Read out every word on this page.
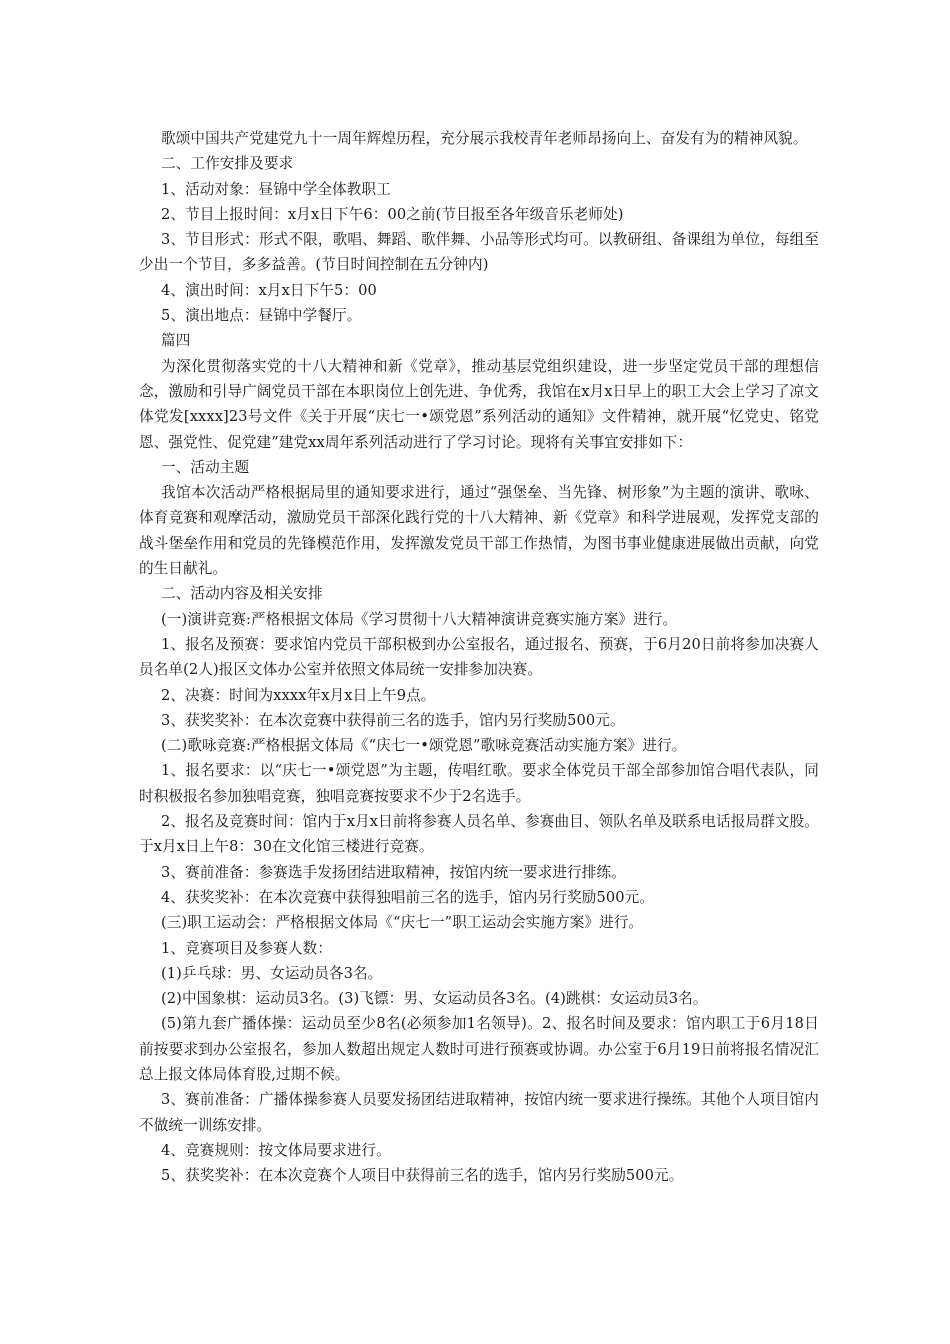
歌颂中国共产党建党九十一周年辉煌历程，充分展示我校青年老师昂扬向上、奋发有为的精神风貌。

二、工作安排及要求

1、活动对象：昼锦中学全体教职工

2、节目上报时间：x月x日下午6：00之前(节目报至各年级音乐老师处)

3、节目形式：形式不限，歌唱、舞蹈、歌伴舞、小品等形式均可。以教研组、备课组为单位，每组至少出一个节目，多多益善。(节目时间控制在五分钟内)

4、演出时间：x月x日下午5：00

5、演出地点：昼锦中学餐厅。

篇四

为深化贯彻落实党的十八大精神和新《党章》，推动基层党组织建设，进一步坚定党员干部的理想信念，激励和引导广阔党员干部在本职岗位上创先进、争优秀，我馆在x月x日早上的职工大会上学习了凉文体党发[xxxx]23号文件《关于开展“庆七一•颂党恩”系列活动的通知》文件精神，就开展“忆党史、铭党恩、强党性、促党建”建党xx周年系列活动进行了学习讨论。现将有关事宜安排如下：

一、活动主题

我馆本次活动严格根据局里的通知要求进行，通过“强堡垒、当先锋、树形象”为主题的演讲、歌咏、体育竞赛和观摩活动，激励党员干部深化践行党的十八大精神、新《党章》和科学进展观，发挥党支部的战斗堡垒作用和党员的先锋模范作用，发挥激发党员干部工作热情，为图书事业健康进展做出贡献，向党的生日献礼。

二、活动内容及相关安排

(一)演讲竞赛:严格根据文体局《学习贯彻十八大精神演讲竞赛实施方案》进行。

1、报名及预赛：要求馆内党员干部积极到办公室报名，通过报名、预赛，于6月20日前将参加决赛人员名单(2人)报区文体办公室并依照文体局统一安排参加决赛。

2、决赛：时间为xxxx年x月x日上午9点。

3、获奖奖补：在本次竞赛中获得前三名的选手，馆内另行奖励500元。

(二)歌咏竞赛:严格根据文体局《“庆七一•颂党恩”歌咏竞赛活动实施方案》进行。

1、报名要求：以“庆七一•颂党恩”为主题，传唱红歌。要求全体党员干部全部参加馆合唱代表队，同时积极报名参加独唱竞赛，独唱竞赛按要求不少于2名选手。

2、报名及竞赛时间：馆内于x月x日前将参赛人员名单、参赛曲目、领队名单及联系电话报局群文股。于x月x日上午8：30在文化馆三楼进行竞赛。

3、赛前准备：参赛选手发扬团结进取精神，按馆内统一要求进行排练。

4、获奖奖补：在本次竞赛中获得独唱前三名的选手，馆内另行奖励500元。

(三)职工运动会：严格根据文体局《“庆七一”职工运动会实施方案》进行。

1、竞赛项目及参赛人数：

(1)乒乓球：男、女运动员各3名。

(2)中国象棋：运动员3名。(3)飞镖：男、女运动员各3名。(4)跳棋：女运动员3名。

(5)第九套广播体操：运动员至少8名(必须参加1名领导)。2、报名时间及要求：馆内职工于6月18日前按要求到办公室报名，参加人数超出规定人数时可进行预赛或协调。办公室于6月19日前将报名情况汇总上报文体局体育股,过期不候。

3、赛前准备：广播体操参赛人员要发扬团结进取精神，按馆内统一要求进行操练。其他个人项目馆内不做统一训练安排。

4、竞赛规则：按文体局要求进行。

5、获奖奖补：在本次竞赛个人项目中获得前三名的选手，馆内另行奖励500元。
